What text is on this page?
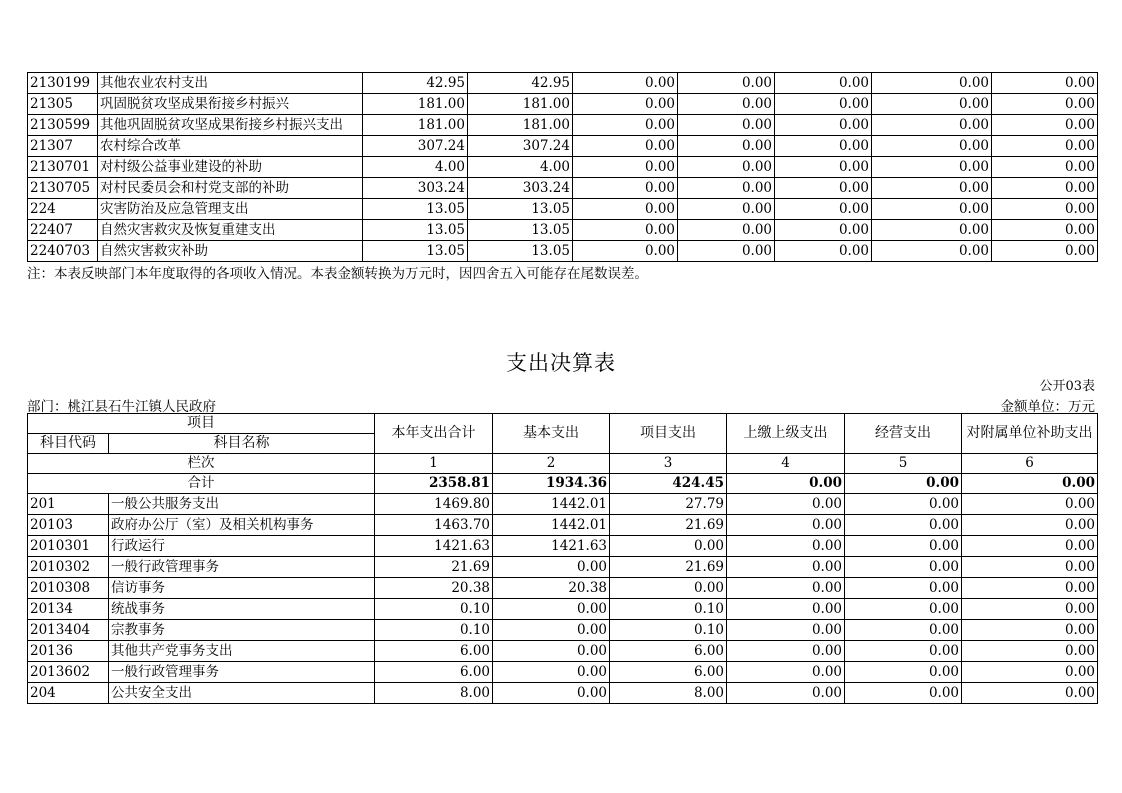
2130199	其他农业农村支出	42.95	42.95	0.00	0.00	0.00	0.00	0.00
21305	巩固脱贫攻坚成果衔接乡村振兴	181.00	181.00	0.00	0.00	0.00	0.00	0.00
2130599	其他巩固脱贫攻坚成果衔接乡村振兴支出	181.00	181.00	0.00	0.00	0.00	0.00	0.00
21307	农村综合改革	307.24	307.24	0.00	0.00	0.00	0.00	0.00
2130701	对村级公益事业建设的补助	4.00	4.00	0.00	0.00	0.00	0.00	0.00
2130705	对村民委员会和村党支部的补助	303.24	303.24	0.00	0.00	0.00	0.00	0.00
224	灾害防治及应急管理支出	13.05	13.05	0.00	0.00	0.00	0.00	0.00
22407	自然灾害救灾及恢复重建支出	13.05	13.05	0.00	0.00	0.00	0.00	0.00
2240703	自然灾害救灾补助	13.05	13.05	0.00	0.00	0.00	0.00	0.00
注：本表反映部门本年度取得的各项收入情况。本表金额转换为万元时，因四舍五入可能存在尾数误差。
支出决算表
公开03表
部门：桃江县石牛江镇人民政府	金额单位：万元
项目		本年支出合计	基本支出	项目支出	上缴上级支出	经营支出	对附属单位补助支出
科目代码	科目名称						
栏次		1	2	3	4	5	6
合计		2358.81	1934.36	424.45	0.00	0.00	0.00
201	一般公共服务支出	1469.80	1442.01	27.79	0.00	0.00	0.00
20103	政府办公厅（室）及相关机构事务	1463.70	1442.01	21.69	0.00	0.00	0.00
2010301	行政运行	1421.63	1421.63	0.00	0.00	0.00	0.00
2010302	一般行政管理事务	21.69	0.00	21.69	0.00	0.00	0.00
2010308	信访事务	20.38	20.38	0.00	0.00	0.00	0.00
20134	统战事务	0.10	0.00	0.10	0.00	0.00	0.00
2013404	宗教事务	0.10	0.00	0.10	0.00	0.00	0.00
20136	其他共产党事务支出	6.00	0.00	6.00	0.00	0.00	0.00
2013602	一般行政管理事务	6.00	0.00	6.00	0.00	0.00	0.00
204	公共安全支出	8.00	0.00	8.00	0.00	0.00	0.00
